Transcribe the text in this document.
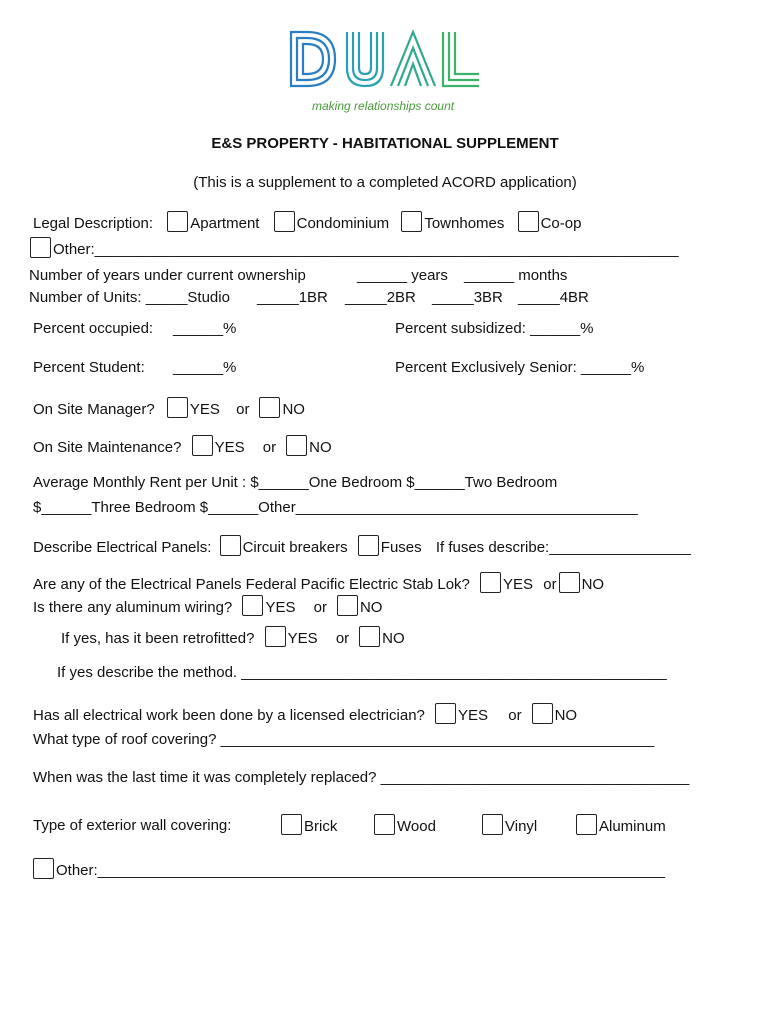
making relationships count
E&S PROPERTY - HABITATIONAL SUPPLEMENT
(This is a supplement to a completed ACORD application)
Legal Description: Apartment Condominium Townhomes Co-op
Other:______________________________________________________________________
Number of years under current ownership	______ years ______ months
Number of Units: _____Studio _____1BR _____2BR _____3BR _____4BR
Percent occupied: ______%	Percent subsidized: ______%
Percent Student: ______%	Percent Exclusively Senior: ______%
On Site Manager? YES or NO
On Site Maintenance? YES or NO
Average Monthly Rent per Unit : $______One Bedroom $______Two Bedroom
$______Three Bedroom $______Other_________________________________________
Describe Electrical Panels: Circuit breakers Fuses If fuses describe:_________________
Are any of the Electrical Panels Federal Pacific Electric Stab Lok? YES or NO
Is there any aluminum wiring? YES or NO
If yes, has it been retrofitted? YES or NO
If yes describe the method. ___________________________________________________
Has all electrical work been done by a licensed electrician? YES or NO
What type of roof covering? ____________________________________________________
When was the last time it was completely replaced? _____________________________________
Type of exterior wall covering:	Brick	Wood	Vinyl	Aluminum
Other:____________________________________________________________________
